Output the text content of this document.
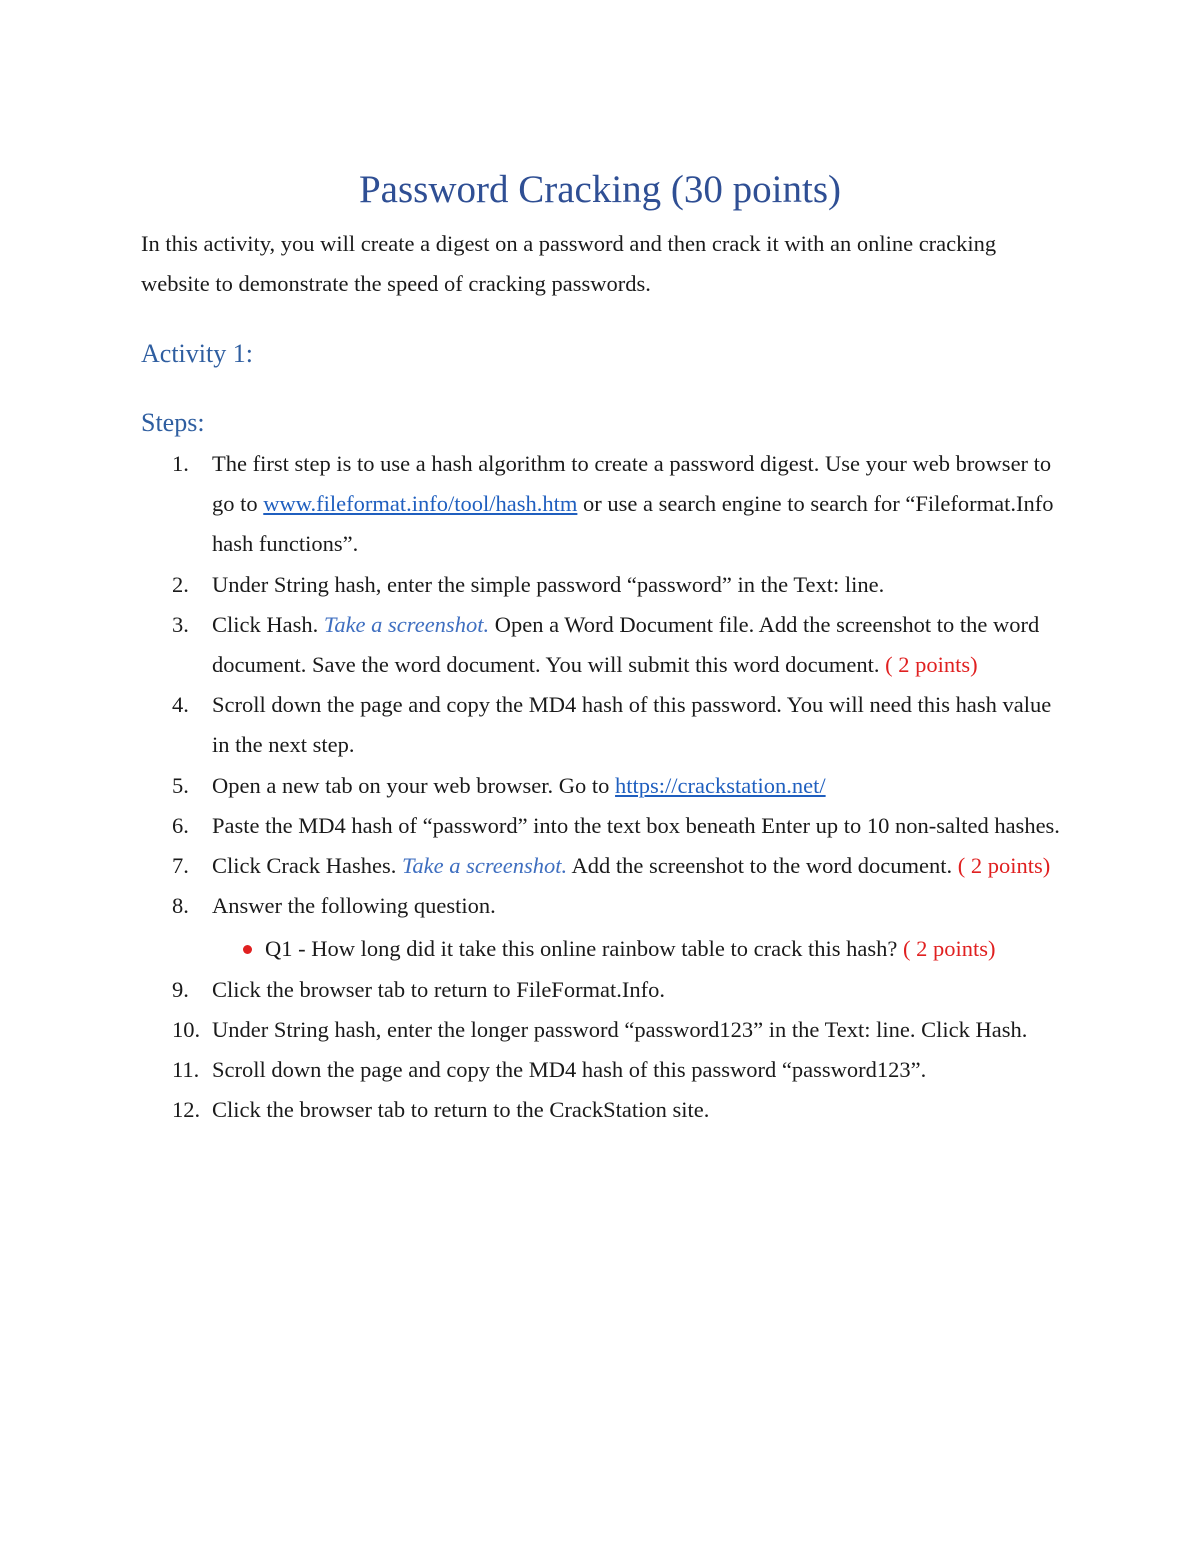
Password Cracking (30 points)

In this activity, you will create a digest on a password and then crack it with an online cracking website to demonstrate the speed of cracking passwords.

Activity 1:
Steps:
1. The first step is to use a hash algorithm to create a password digest. Use your web browser to go to www.fileformat.info/tool/hash.htm or use a search engine to search for “Fileformat.Info hash functions”.
2. Under String hash, enter the simple password “password” in the Text: line.
3. Click Hash. Take a screenshot. Open a Word Document file. Add the screenshot to the word document. Save the word document. You will submit this word document. ( 2 points)
4. Scroll down the page and copy the MD4 hash of this password. You will need this hash value in the next step.
5. Open a new tab on your web browser. Go to https://crackstation.net/
6. Paste the MD4 hash of “password” into the text box beneath Enter up to 10 non-salted hashes.
7. Click Crack Hashes. Take a screenshot. Add the screenshot to the word document. ( 2 points)
8. Answer the following question.
Q1 - How long did it take this online rainbow table to crack this hash? ( 2 points)
9. Click the browser tab to return to FileFormat.Info.
10. Under String hash, enter the longer password “password123” in the Text: line. Click Hash.
11. Scroll down the page and copy the MD4 hash of this password “password123”.
12. Click the browser tab to return to the CrackStation site.
